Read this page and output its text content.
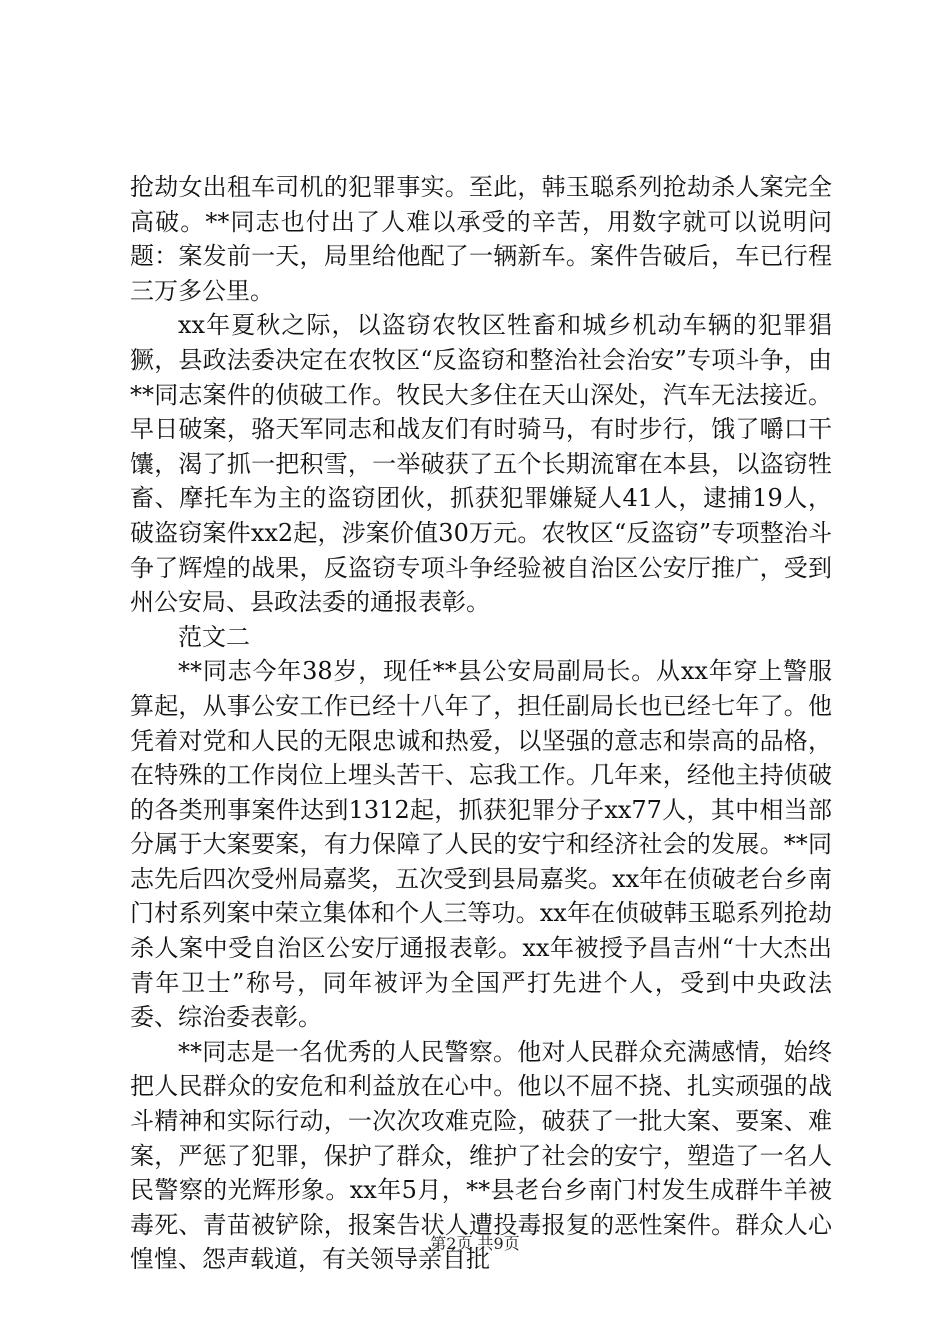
抢劫女出租车司机的犯罪事实。至此，韩玉聪系列抢劫杀人案完全高破。**同志也付出了人难以承受的辛苦，用数字就可以说明问题：案发前一天，局里给他配了一辆新车。案件告破后，车已行程三万多公里。

xx年夏秋之际，以盗窃农牧区牲畜和城乡机动车辆的犯罪猖獗，县政法委决定在农牧区“反盗窃和整治社会治安”专项斗争，由**同志案件的侦破工作。牧民大多住在天山深处，汽车无法接近。早日破案，骆天军同志和战友们有时骑马，有时步行，饿了嚼口干馕，渴了抓一把积雪，一举破获了五个长期流窜在本县，以盗窃牲畜、摩托车为主的盗窃团伙，抓获犯罪嫌疑人41人，逮捕19人，破盗窃案件xx2起，涉案价值30万元。农牧区“反盗窃”专项整治斗争了辉煌的战果，反盗窃专项斗争经验被自治区公安厅推广，受到州公安局、县政法委的通报表彰。

范文二

**同志今年38岁，现任**县公安局副局长。从xx年穿上警服算起，从事公安工作已经十八年了，担任副局长也已经七年了。他凭着对党和人民的无限忠诚和热爱，以坚强的意志和崇高的品格，在特殊的工作岗位上埋头苦干、忘我工作。几年来，经他主持侦破的各类刑事案件达到1312起，抓获犯罪分子xx77人，其中相当部分属于大案要案，有力保障了人民的安宁和经济社会的发展。**同志先后四次受州局嘉奖，五次受到县局嘉奖。xx年在侦破老台乡南门村系列案中荣立集体和个人三等功。xx年在侦破韩玉聪系列抢劫杀人案中受自治区公安厅通报表彰。xx年被授予昌吉州“十大杰出青年卫士”称号，同年被评为全国严打先进个人，受到中央政法委、综治委表彰。

**同志是一名优秀的人民警察。他对人民群众充满感情，始终把人民群众的安危和利益放在心中。他以不屈不挠、扎实顽强的战斗精神和实际行动，一次次攻难克险，破获了一批大案、要案、难案，严惩了犯罪，保护了群众，维护了社会的安宁，塑造了一名人民警察的光辉形象。xx年5月，**县老台乡南门村发生成群牛羊被毒死、青苗被铲除，报案告状人遭投毒报复的恶性案件。群众人心惶惶、怨声载道，有关领导亲自批

第2页 共9页
